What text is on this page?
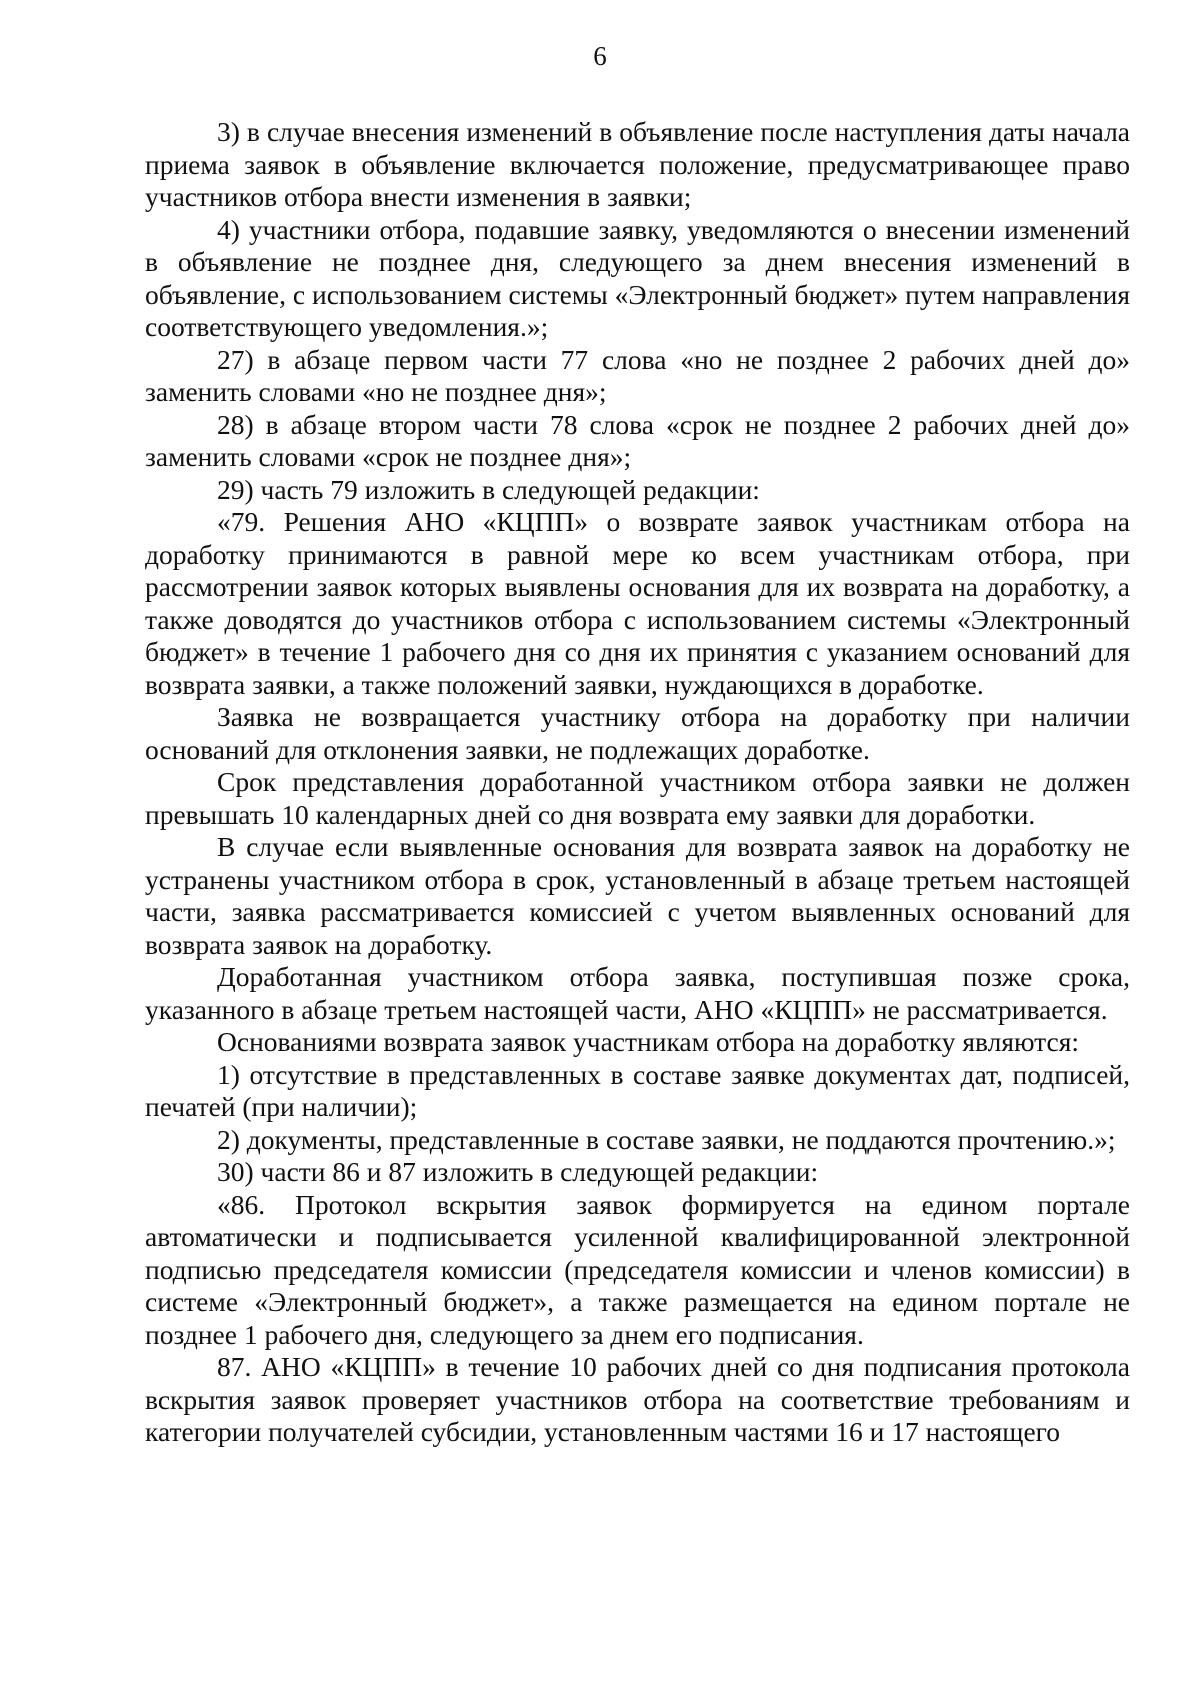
6

3) в случае внесения изменений в объявление после наступления даты начала приема заявок в объявление включается положение, предусматривающее право участников отбора внести изменения в заявки;

4) участники отбора, подавшие заявку, уведомляются о внесении изменений в объявление не позднее дня, следующего за днем внесения изменений в объявление, с использованием системы «Электронный бюджет» путем направления соответствующего уведомления.»;

27) в абзаце первом части 77 слова «но не позднее 2 рабочих дней до» заменить словами «но не позднее дня»;

28) в абзаце втором части 78 слова «срок не позднее 2 рабочих дней до» заменить словами «срок не позднее дня»;

29) часть 79 изложить в следующей редакции:

«79. Решения АНО «КЦПП» о возврате заявок участникам отбора на доработку принимаются в равной мере ко всем участникам отбора, при рассмотрении заявок которых выявлены основания для их возврата на доработку, а также доводятся до участников отбора с использованием системы «Электронный бюджет» в течение 1 рабочего дня со дня их принятия с указанием оснований для возврата заявки, а также положений заявки, нуждающихся в доработке.

Заявка не возвращается участнику отбора на доработку при наличии оснований для отклонения заявки, не подлежащих доработке.

Срок представления доработанной участником отбора заявки не должен превышать 10 календарных дней со дня возврата ему заявки для доработки.

В случае если выявленные основания для возврата заявок на доработку не устранены участником отбора в срок, установленный в абзаце третьем настоящей части, заявка рассматривается комиссией с учетом выявленных оснований для возврата заявок на доработку.

Доработанная участником отбора заявка, поступившая позже срока, указанного в абзаце третьем настоящей части, АНО «КЦПП» не рассматривается.

Основаниями возврата заявок участникам отбора на доработку являются:

1) отсутствие в представленных в составе заявке документах дат, подписей, печатей (при наличии);

2) документы, представленные в составе заявки, не поддаются прочтению.»;

30) части 86 и 87 изложить в следующей редакции:

«86. Протокол вскрытия заявок формируется на едином портале автоматически и подписывается усиленной квалифицированной электронной подписью председателя комиссии (председателя комиссии и членов комиссии) в системе «Электронный бюджет», а также размещается на едином портале не позднее 1 рабочего дня, следующего за днем его подписания.

87. АНО «КЦПП» в течение 10 рабочих дней со дня подписания протокола вскрытия заявок проверяет участников отбора на соответствие требованиям и категории получателей субсидии, установленным частями 16 и 17 настоящего
